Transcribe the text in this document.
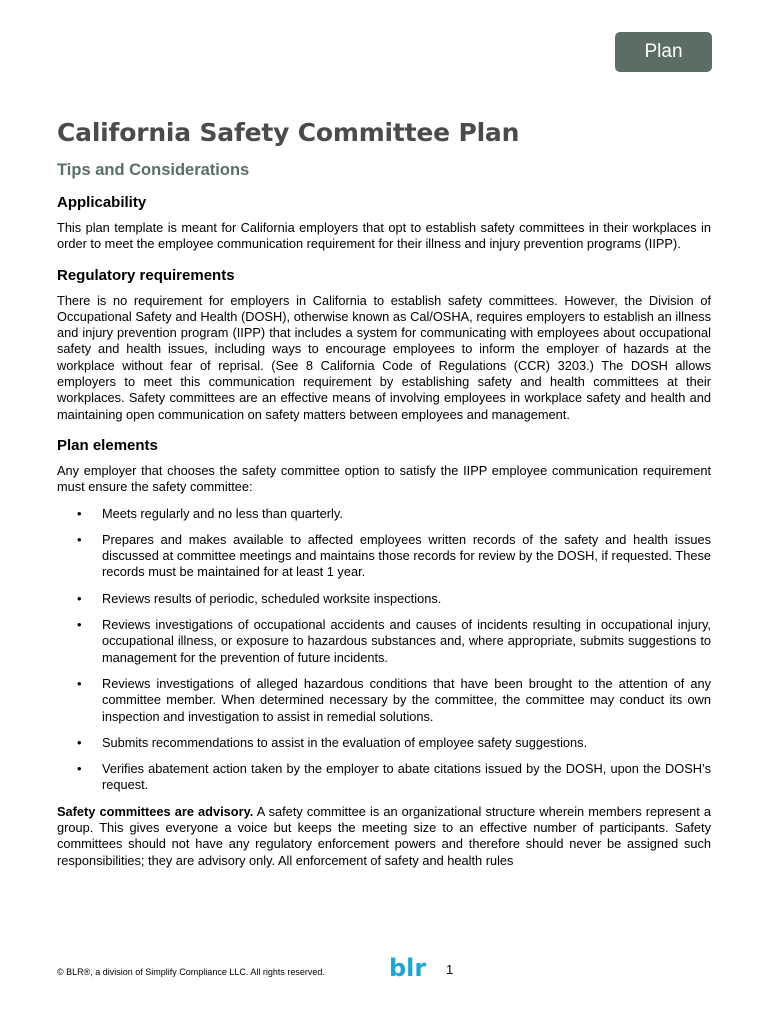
Plan
California Safety Committee Plan
Tips and Considerations
Applicability

This plan template is meant for California employers that opt to establish safety committees in their workplaces in order to meet the employee communication requirement for their illness and injury prevention programs (IIPP).

Regulatory requirements

There is no requirement for employers in California to establish safety committees. However, the Division of Occupational Safety and Health (DOSH), otherwise known as Cal/OSHA, requires employers to establish an illness and injury prevention program (IIPP) that includes a system for communicating with employees about occupational safety and health issues, including ways to encourage employees to inform the employer of hazards at the workplace without fear of reprisal. (See 8 California Code of Regulations (CCR) 3203.) The DOSH allows employers to meet this communication requirement by establishing safety and health committees at their workplaces. Safety committees are an effective means of involving employees in workplace safety and health and maintaining open communication on safety matters between employees and management.

Plan elements

Any employer that chooses the safety committee option to satisfy the IIPP employee communication requirement must ensure the safety committee:

• Meets regularly and no less than quarterly.
• Prepares and makes available to affected employees written records of the safety and health issues discussed at committee meetings and maintains those records for review by the DOSH, if requested. These records must be maintained for at least 1 year.
• Reviews results of periodic, scheduled worksite inspections.
• Reviews investigations of occupational accidents and causes of incidents resulting in occupational injury, occupational illness, or exposure to hazardous substances and, where appropriate, submits suggestions to management for the prevention of future incidents.
• Reviews investigations of alleged hazardous conditions that have been brought to the attention of any committee member. When determined necessary by the committee, the committee may conduct its own inspection and investigation to assist in remedial solutions.
• Submits recommendations to assist in the evaluation of employee safety suggestions.
• Verifies abatement action taken by the employer to abate citations issued by the DOSH, upon the DOSH’s request.

Safety committees are advisory. A safety committee is an organizational structure wherein members represent a group. This gives everyone a voice but keeps the meeting size to an effective number of participants. Safety committees should not have any regulatory enforcement powers and therefore should never be assigned such responsibilities; they are advisory only. All enforcement of safety and health rules

© BLR®, a division of Simplify Compliance LLC. All rights reserved.	blr 1
